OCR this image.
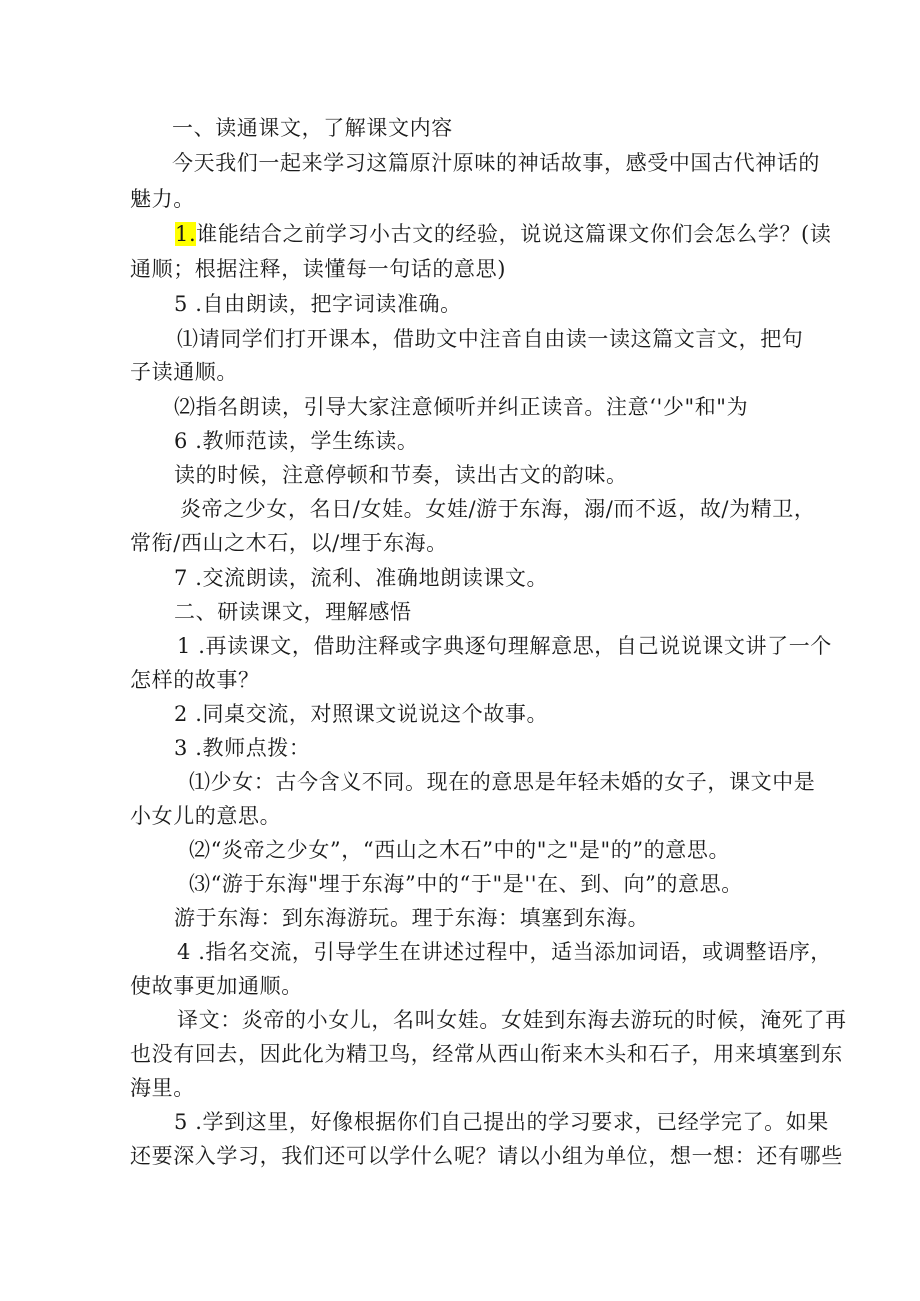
一、读通课文，了解课文内容
今天我们一起来学习这篇原汁原味的神话故事，感受中国古代神话的
魅力。
1.谁能结合之前学习小古文的经验，说说这篇课文你们会怎么学？(读
通顺；根据注释，读懂每一句话的意思)
5 .自由朗读，把字词读准确。
⑴请同学们打开课本，借助文中注音自由读一读这篇文言文，把句
子读通顺。
⑵指名朗读，引导大家注意倾听并纠正读音。注意‘'少"和"为
6 .教师范读，学生练读。
读的时候，注意停顿和节奏，读出古文的韵味。
炎帝之少女，名日/女娃。女娃/游于东海，溺/而不返，故/为精卫，
常衔/西山之木石，以/埋于东海。
7 .交流朗读，流利、准确地朗读课文。
二、研读课文，理解感悟
1 .再读课文，借助注释或字典逐句理解意思，自己说说课文讲了一个
怎样的故事？
2 .同桌交流，对照课文说说这个故事。
3 .教师点拨：
⑴少女：古今含义不同。现在的意思是年轻未婚的女子，课文中是
小女儿的意思。
⑵“炎帝之少女”，“西山之木石”中的"之"是"的”的意思。
⑶“游于东海"埋于东海”中的“于"是''在、到、向”的意思。
游于东海：到东海游玩。理于东海：填塞到东海。
4 .指名交流，引导学生在讲述过程中，适当添加词语，或调整语序，
使故事更加通顺。
译文：炎帝的小女儿，名叫女娃。女娃到东海去游玩的时候，淹死了再
也没有回去，因此化为精卫鸟，经常从西山衔来木头和石子，用来填塞到东
海里。
5 .学到这里，好像根据你们自己提出的学习要求，已经学完了。如果
还要深入学习，我们还可以学什么呢？请以小组为单位，想一想：还有哪些
